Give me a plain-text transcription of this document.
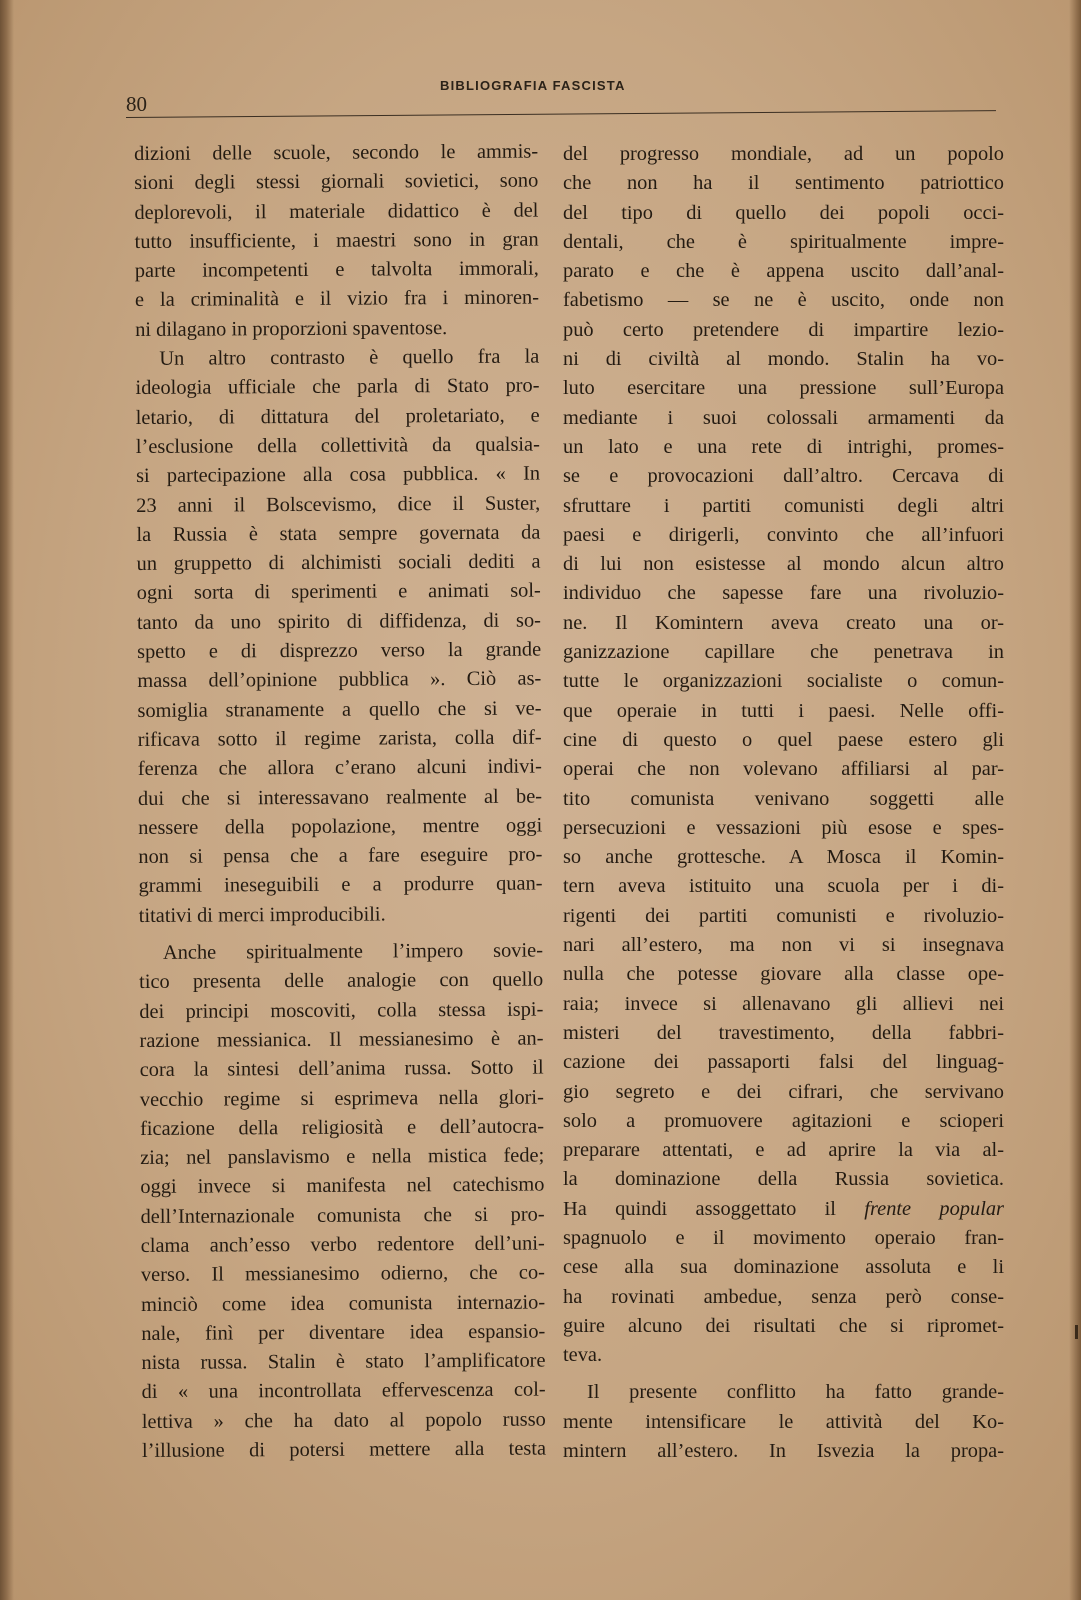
80
BIBLIOGRAFIA FASCISTA
dizioni delle scuole, secondo le ammis-
sioni degli stessi giornali sovietici, sono
deplorevoli, il materiale didattico è del
tutto insufficiente, i maestri sono in gran
parte incompetenti e talvolta immorali,
e la criminalità e il vizio fra i minoren-
ni dilagano in proporzioni spaventose.
Un altro contrasto è quello fra la
ideologia ufficiale che parla di Stato pro-
letario, di dittatura del proletariato, e
l’esclusione della collettività da qualsia-
si partecipazione alla cosa pubblica. « In
23 anni il Bolscevismo, dice il Suster,
la Russia è stata sempre governata da
un gruppetto di alchimisti sociali dediti a
ogni sorta di sperimenti e animati sol-
tanto da uno spirito di diffidenza, di so-
spetto e di disprezzo verso la grande
massa dell’opinione pubblica ». Ciò as-
somiglia stranamente a quello che si ve-
rificava sotto il regime zarista, colla dif-
ferenza che allora c’erano alcuni indivi-
dui che si interessavano realmente al be-
nessere della popolazione, mentre oggi
non si pensa che a fare eseguire pro-
grammi ineseguibili e a produrre quan-
titativi di merci improducibili.
Anche spiritualmente l’impero sovie-
tico presenta delle analogie con quello
dei principi moscoviti, colla stessa ispi-
razione messianica. Il messianesimo è an-
cora la sintesi dell’anima russa. Sotto il
vecchio regime si esprimeva nella glori-
ficazione della religiosità e dell’autocra-
zia; nel panslavismo e nella mistica fede;
oggi invece si manifesta nel catechismo
dell’Internazionale comunista che si pro-
clama anch’esso verbo redentore dell’uni-
verso. Il messianesimo odierno, che co-
minciò come idea comunista internazio-
nale, finì per diventare idea espansio-
nista russa. Stalin è stato l’amplificatore
di « una incontrollata effervescenza col-
lettiva » che ha dato al popolo russo
l’illusione di potersi mettere alla testa
del progresso mondiale, ad un popolo
che non ha il sentimento patriottico
del tipo di quello dei popoli occi-
dentali, che è spiritualmente impre-
parato e che è appena uscito dall’anal-
fabetismo — se ne è uscito, onde non
può certo pretendere di impartire lezio-
ni di civiltà al mondo. Stalin ha vo-
luto esercitare una pressione sull’Europa
mediante i suoi colossali armamenti da
un lato e una rete di intrighi, promes-
se e provocazioni dall’altro. Cercava di
sfruttare i partiti comunisti degli altri
paesi e dirigerli, convinto che all’infuori
di lui non esistesse al mondo alcun altro
individuo che sapesse fare una rivoluzio-
ne. Il Komintern aveva creato una or-
ganizzazione capillare che penetrava in
tutte le organizzazioni socialiste o comun-
que operaie in tutti i paesi. Nelle offi-
cine di questo o quel paese estero gli
operai che non volevano affiliarsi al par-
tito comunista venivano soggetti alle
persecuzioni e vessazioni più esose e spes-
so anche grottesche. A Mosca il Komin-
tern aveva istituito una scuola per i di-
rigenti dei partiti comunisti e rivoluzio-
nari all’estero, ma non vi si insegnava
nulla che potesse giovare alla classe ope-
raia; invece si allenavano gli allievi nei
misteri del travestimento, della fabbri-
cazione dei passaporti falsi del linguag-
gio segreto e dei cifrari, che servivano
solo a promuovere agitazioni e scioperi
preparare attentati, e ad aprire la via al-
la dominazione della Russia sovietica.
Ha quindi assoggettato il frente popular
spagnuolo e il movimento operaio fran-
cese alla sua dominazione assoluta e li
ha rovinati ambedue, senza però conse-
guire alcuno dei risultati che si ripromet-
teva.
Il presente conflitto ha fatto grande-
mente intensificare le attività del Ko-
mintern all’estero. In Isvezia la propa-
